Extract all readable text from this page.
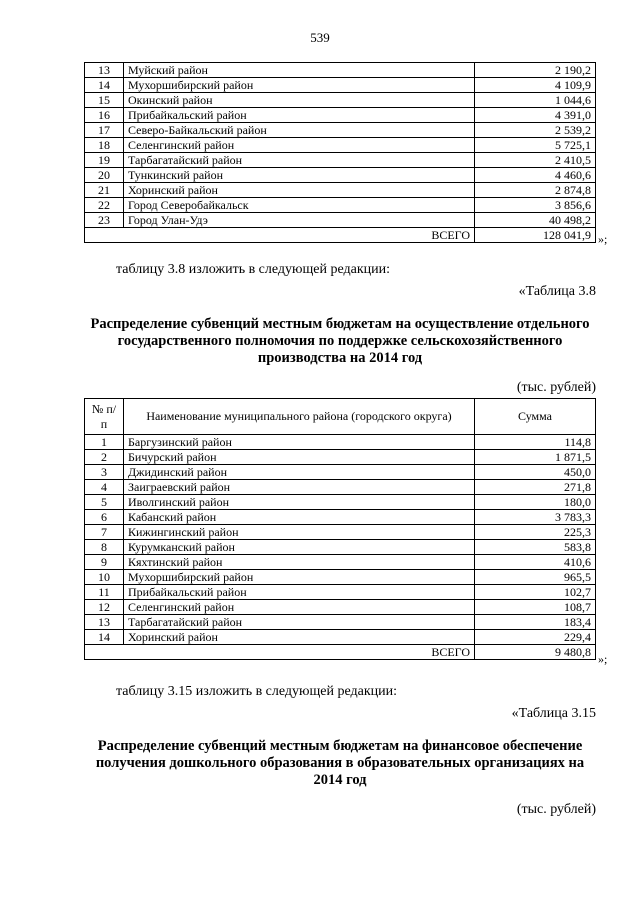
539
13	Муйский район	2 190,2
14	Мухоршибирский район	4 109,9
15	Окинский район	1 044,6
16	Прибайкальский район	4 391,0
17	Северо-Байкальский район	2 539,2
18	Селенгинский район	5 725,1
19	Тарбагатайский район	2 410,5
20	Тункинский район	4 460,6
21	Хоринский район	2 874,8
22	Город Северобайкальск	3 856,6
23	Город Улан-Удэ	40 498,2
	ВСЕГО	128 041,9 »;
таблицу 3.8 изложить в следующей редакции:
«Таблица 3.8
Распределение субвенций местным бюджетам на осуществление отдельного государственного полномочия по поддержке сельскохозяйственного производства на 2014 год
(тыс. рублей)
№ п/п	Наименование муниципального района (городского округа)	Сумма
1	Баргузинский район	114,8
2	Бичурский район	1 871,5
3	Джидинский район	450,0
4	Заиграевский район	271,8
5	Иволгинский район	180,0
6	Кабанский район	3 783,3
7	Кижингинский район	225,3
8	Курумканский район	583,8
9	Кяхтинский район	410,6
10	Мухоршибирский район	965,5
11	Прибайкальский район	102,7
12	Селенгинский район	108,7
13	Тарбагатайский район	183,4
14	Хоринский район	229,4
	ВСЕГО	9 480,8 »;
таблицу 3.15 изложить в следующей редакции:
«Таблица 3.15
Распределение субвенций местным бюджетам на финансовое обеспечение получения дошкольного образования в образовательных организациях на 2014 год
(тыс. рублей)
